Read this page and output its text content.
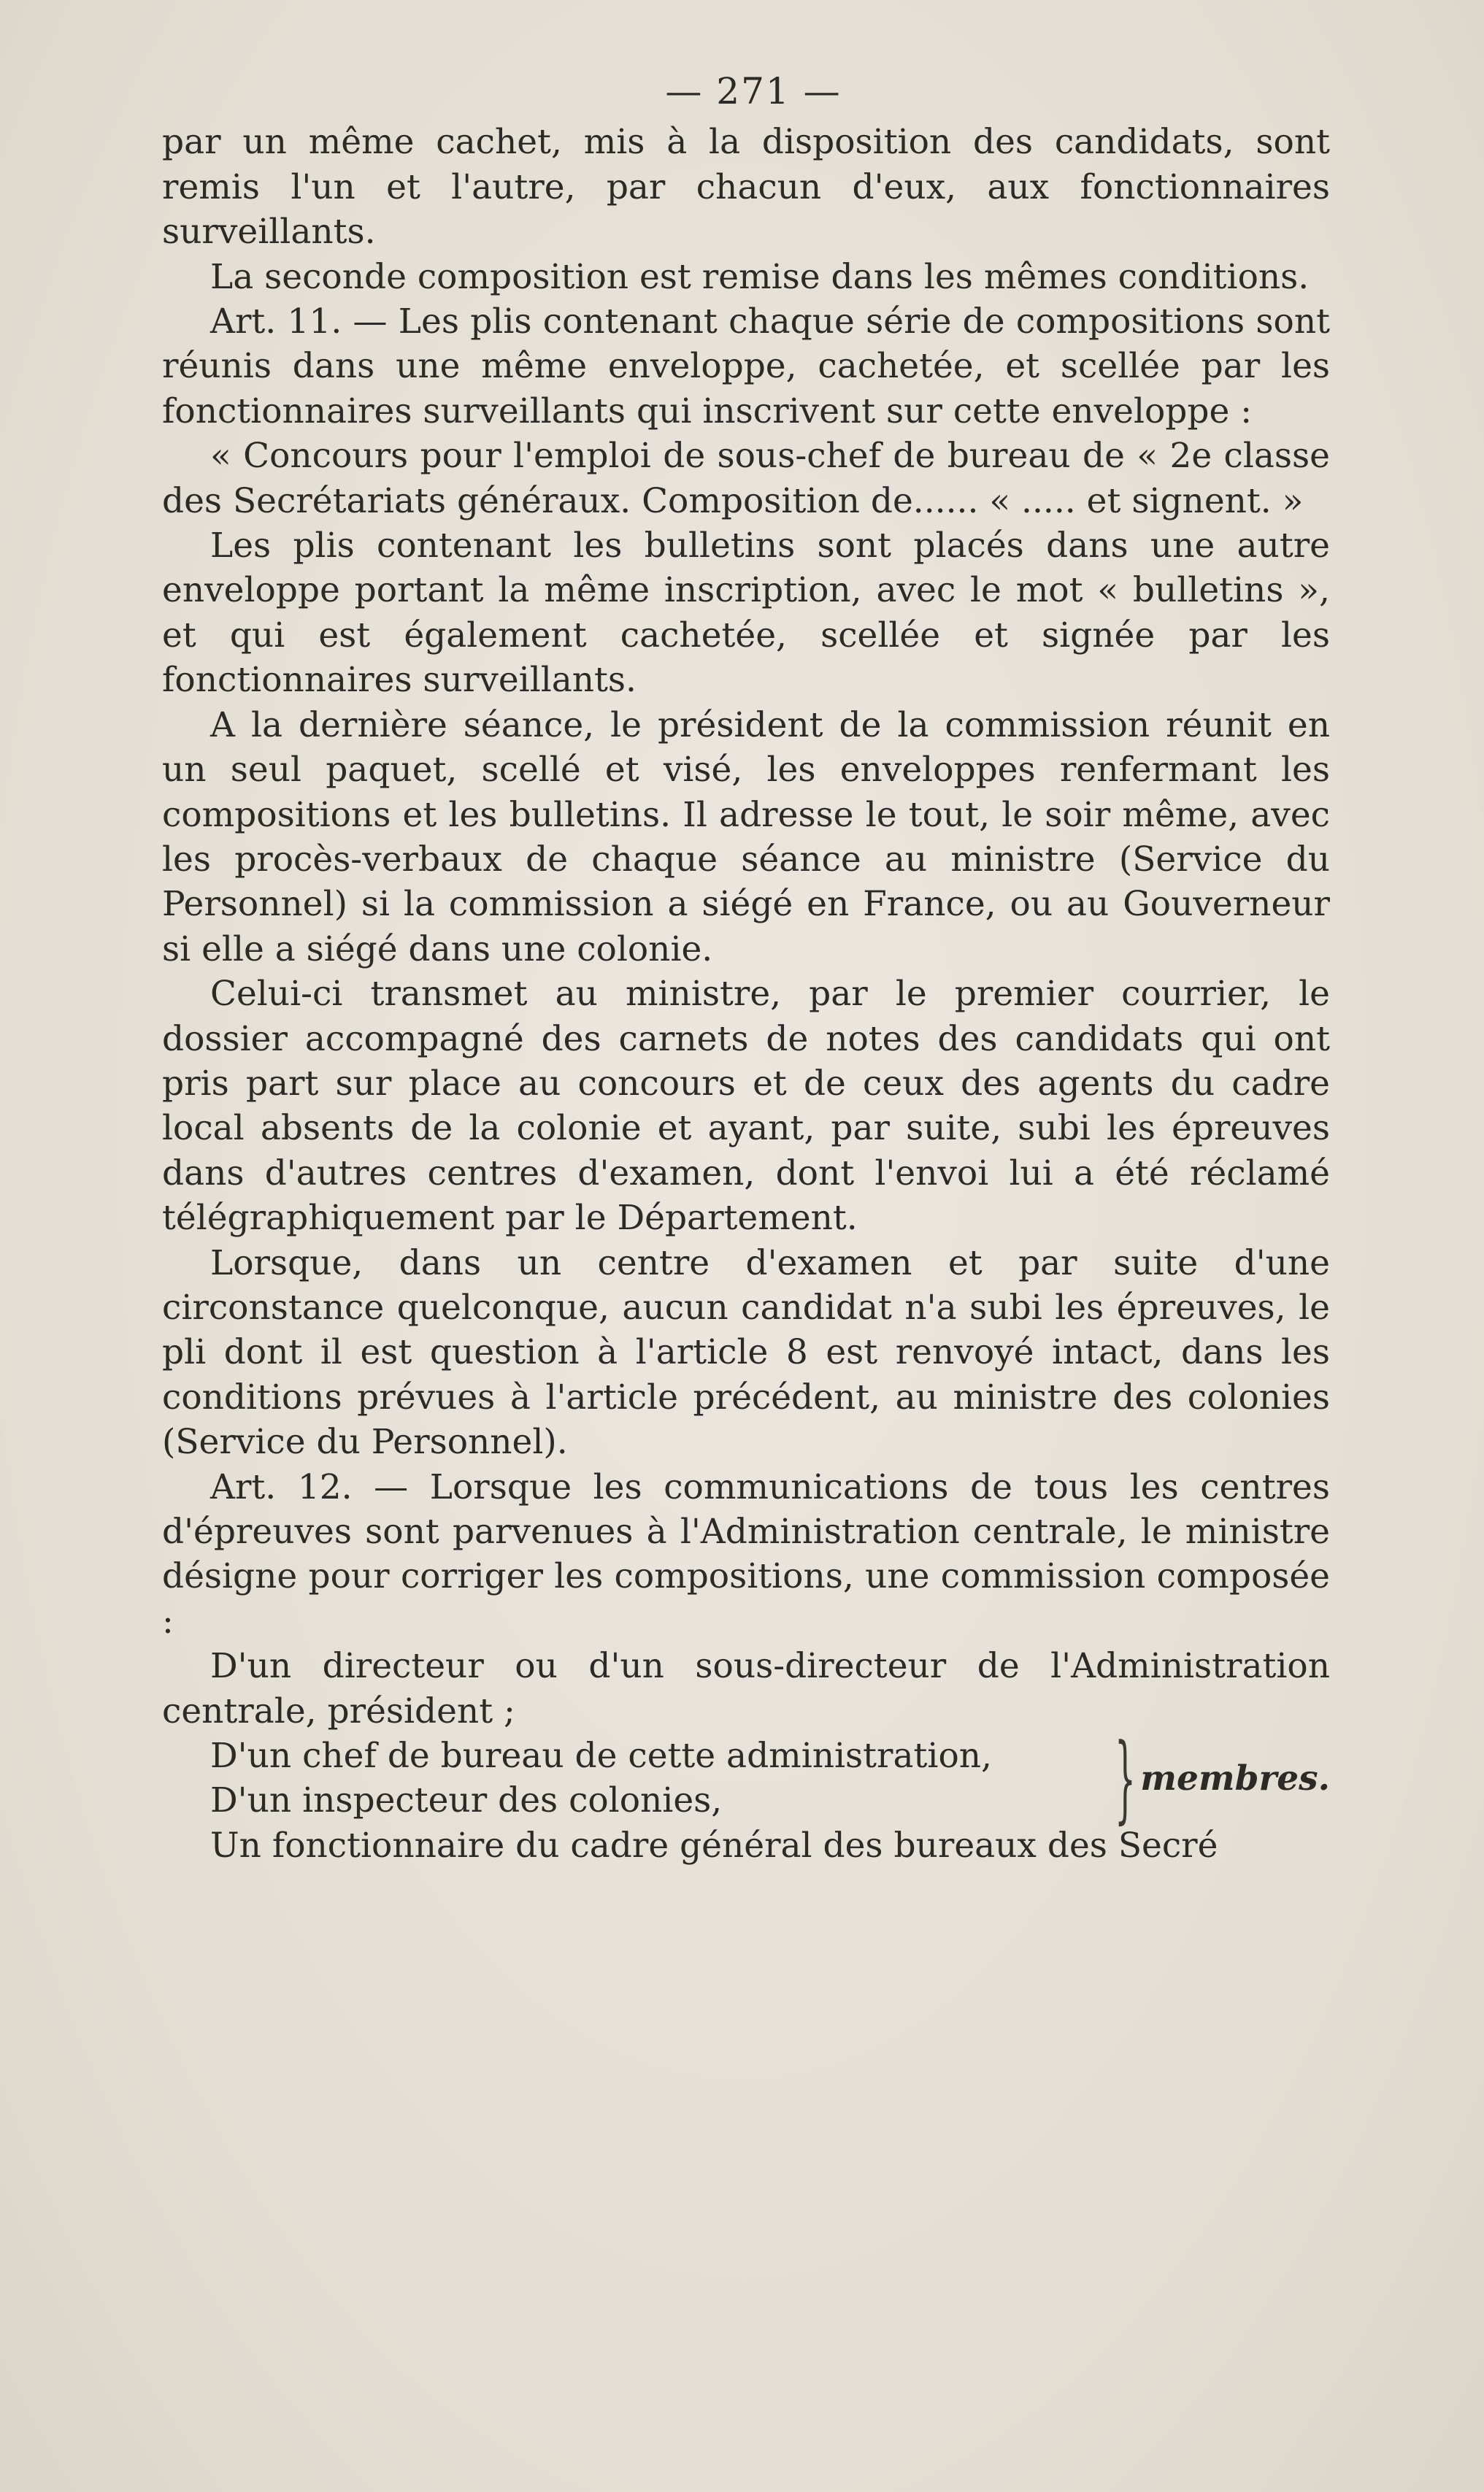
— 271 —

par un même cachet, mis à la disposition des candidats, sont remis l'un et l'autre, par chacun d'eux, aux fonctionnaires surveillants.

La seconde composition est remise dans les mêmes conditions.

Art. 11. — Les plis contenant chaque série de compositions sont réunis dans une même enveloppe, cachetée, et scellée par les fonctionnaires surveillants qui inscrivent sur cette enveloppe :

« Concours pour l'emploi de sous-chef de bureau de « 2e classe des Secrétariats généraux. Composition de...... « ..... et signent. »

Les plis contenant les bulletins sont placés dans une autre enveloppe portant la même inscription, avec le mot « bulletins », et qui est également cachetée, scellée et signée par les fonctionnaires surveillants.

A la dernière séance, le président de la commission réunit en un seul paquet, scellé et visé, les enveloppes renfermant les compositions et les bulletins. Il adresse le tout, le soir même, avec les procès-verbaux de chaque séance au ministre (Service du Personnel) si la commission a siégé en France, ou au Gouverneur si elle a siégé dans une colonie.

Celui-ci transmet au ministre, par le premier courrier, le dossier accompagné des carnets de notes des candidats qui ont pris part sur place au concours et de ceux des agents du cadre local absents de la colonie et ayant, par suite, subi les épreuves dans d'autres centres d'examen, dont l'envoi lui a été réclamé télégraphiquement par le Département.

Lorsque, dans un centre d'examen et par suite d'une circonstance quelconque, aucun candidat n'a subi les épreuves, le pli dont il est question à l'article 8 est renvoyé intact, dans les conditions prévues à l'article précédent, au ministre des colonies (Service du Personnel).

Art. 12. — Lorsque les communications de tous les centres d'épreuves sont parvenues à l'Administration centrale, le ministre désigne pour corriger les compositions, une commission composée :

D'un directeur ou d'un sous-directeur de l'Administration centrale, président ;

D'un chef de bureau de cette administration,

D'un inspecteur des colonies,	} membres.

Un fonctionnaire du cadre général des bureaux des Secré
